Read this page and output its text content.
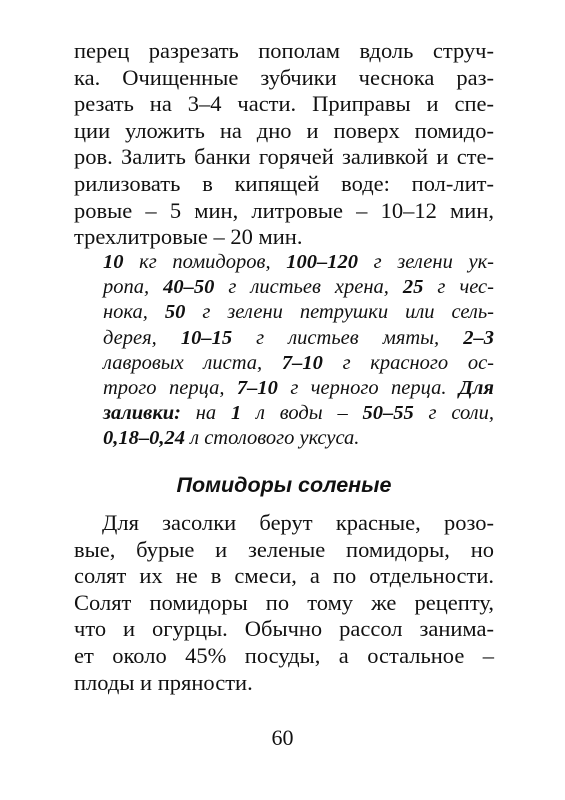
перец разрезать пополам вдоль струч-
ка. Очищенные зубчики чеснока раз-
резать на 3–4 части. Приправы и спе-
ции уложить на дно и поверх помидо-
ров. Залить банки горячей заливкой и сте-
рилизовать в кипящей воде: пол-лит-
ровые – 5 мин, литровые – 10–12 мин,
трехлитровые – 20 мин.
10 кг помидоров, 100–120 г зелени ук-
ропа, 40–50 г листьев хрена, 25 г чес-
нока, 50 г зелени петрушки или сель-
дерея, 10–15 г листьев мяты, 2–3
лавровых листа, 7–10 г красного ос-
трого перца, 7–10 г черного перца. Для
заливки: на 1 л воды – 50–55 г соли,
0,18–0,24 л столового уксуса.
Помидоры соленые
Для засолки берут красные, розо-
вые, бурые и зеленые помидоры, но
солят их не в смеси, а по отдельности.
Солят помидоры по тому же рецепту,
что и огурцы. Обычно рассол занима-
ет около 45% посуды, а остальное –
плоды и пряности.
60
